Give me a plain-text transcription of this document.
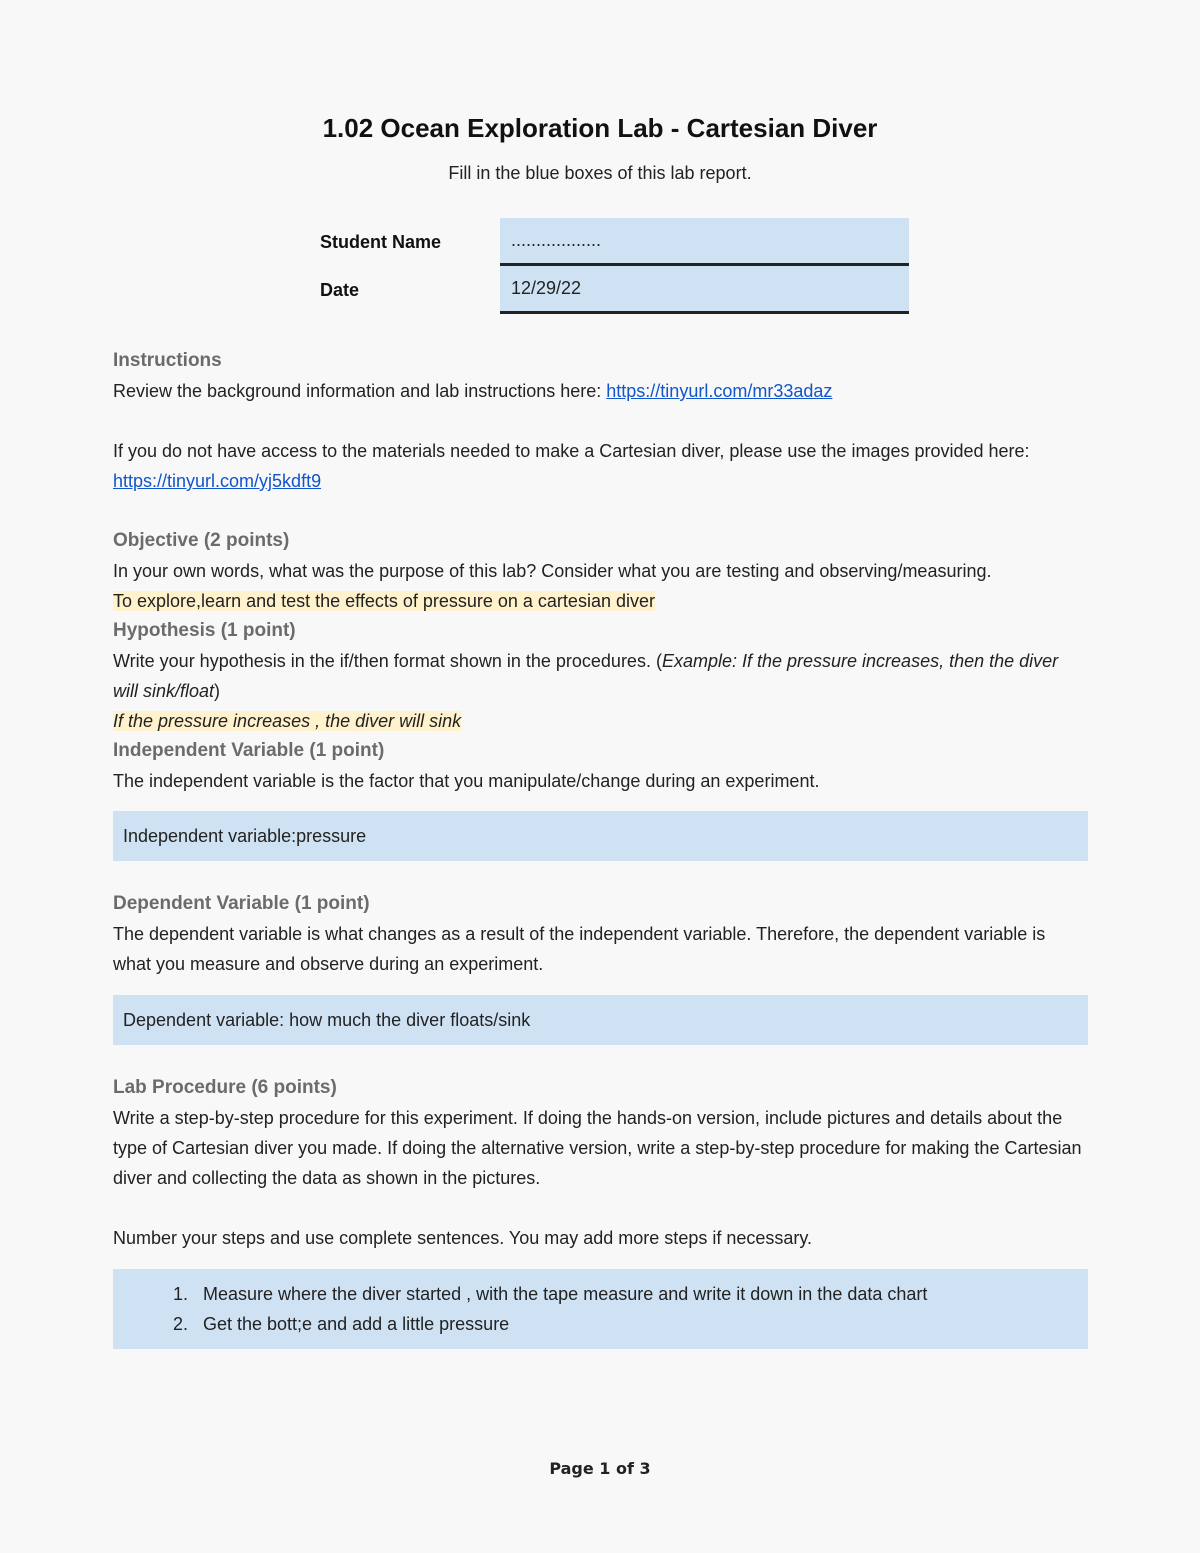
1.02 Ocean Exploration Lab - Cartesian Diver
Fill in the blue boxes of this lab report.
Student Name	..................
Date	12/29/22
Instructions
Review the background information and lab instructions here: https://tinyurl.com/mr33adaz
If you do not have access to the materials needed to make a Cartesian diver, please use the images provided here: https://tinyurl.com/yj5kdft9
Objective (2 points)
In your own words, what was the purpose of this lab? Consider what you are testing and observing/measuring.
To explore,learn and test the effects of pressure on a cartesian diver
Hypothesis (1 point)
Write your hypothesis in the if/then format shown in the procedures. (Example: If the pressure increases, then the diver will sink/float)
If the pressure increases , the diver will sink
Independent Variable (1 point)
The independent variable is the factor that you manipulate/change during an experiment.
Independent variable:pressure
Dependent Variable (1 point)
The dependent variable is what changes as a result of the independent variable. Therefore, the dependent variable is what you measure and observe during an experiment.
Dependent variable: how much the diver floats/sink
Lab Procedure (6 points)
Write a step-by-step procedure for this experiment. If doing the hands-on version, include pictures and details about the type of Cartesian diver you made. If doing the alternative version, write a step-by-step procedure for making the Cartesian diver and collecting the data as shown in the pictures.
Number your steps and use complete sentences. You may add more steps if necessary.
1. Measure where the diver started , with the tape measure and write it down in the data chart
2. Get the bott;e and add a little pressure
Page 1 of 3
